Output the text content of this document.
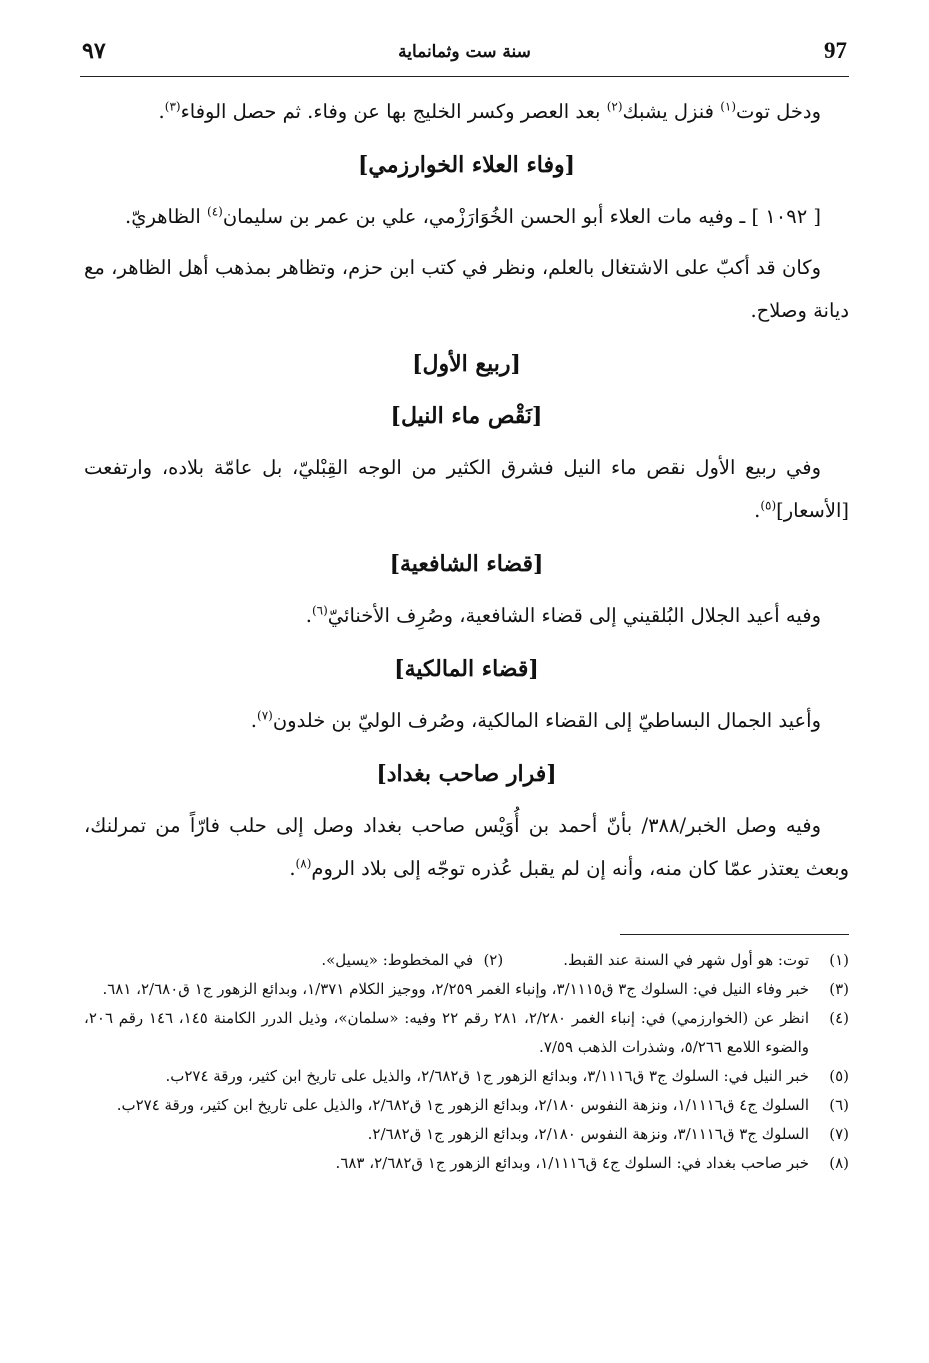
٩٧	سنة ست وثمانماية	97

ودخل توت$^{(١)}$ فنزل يشبك$^{(٢)}$ بعد العصر وكسر الخليج بها عن وفاء. ثم حصل الوفاء$^{(٣)}$.

[وفاء العلاء الخوارزمي]

[ ١٠٩٢ ] ـ وفيه مات العلاء أبو الحسن الخُوَارَزْمي، علي بن عمر بن سليمان$^{(٤)}$ الظاهريّ.

وكان قد أكبّ على الاشتغال بالعلم، ونظر في كتب ابن حزم، وتظاهر بمذهب أهل الظاهر، مع ديانة وصلاح.

[ربيع الأول]
[نَقْص ماء النيل]

وفي ربيع الأول نقص ماء النيل فشرق الكثير من الوجه القِبْليّ، بل عامّة بلاده، وارتفعت [الأسعار]$^{(٥)}$.

[قضاء الشافعية]

وفيه أعيد الجلال البُلقيني إلى قضاء الشافعية، وصُرِف الأخنائيّ$^{(٦)}$.

[قضاء المالكية]

وأعيد الجمال البساطيّ إلى القضاء المالكية، وصُرف الوليّ بن خلدون$^{(٧)}$.

[فرار صاحب بغداد]

وفيه وصل الخبر/٣٨٨/ بأنّ أحمد بن أُوَيْس صاحب بغداد وصل إلى حلب فارّاً من تمرلنك، وبعث يعتذر عمّا كان منه، وأنه إن لم يقبل عُذره توجّه إلى بلاد الروم$^{(٨)}$.

(١)
توت: هو أول شهر في السنة عند القبط.
(٢)
في المخطوط: «يسيل».
(٣)
خبر وفاء النيل في: السلوك ج٣ ق٣/١١١٥، وإنباء الغمر ٢/٢٥٩، ووجيز الكلام ١/٣٧١، وبدائع الزهور ج١ ق٢/٦٨٠، ٦٨١.
(٤)
انظر عن (الخوارزمي) في: إنباء الغمر ٢/٢٨٠، ٢٨١ رقم ٢٢ وفيه: «سلمان»، وذيل الدرر الكامنة ١٤٥، ١٤٦ رقم ٢٠٦، والضوء اللامع ٥/٢٦٦، وشذرات الذهب ٧/٥٩.
(٥)
خبر النيل في: السلوك ج٣ ق٣/١١١٦، وبدائع الزهور ج١ ق٢/٦٨٢، والذيل على تاريخ ابن كثير، ورقة ٢٧٤ب.
(٦)
السلوك ج٤ ق١/١١١٦، ونزهة النفوس ٢/١٨٠، وبدائع الزهور ج١ ق٢/٦٨٢، والذيل على تاريخ ابن كثير، ورقة ٢٧٤ب.
(٧)
السلوك ج٣ ق٣/١١١٦، ونزهة النفوس ٢/١٨٠، وبدائع الزهور ج١ ق٢/٦٨٢.
(٨)
خبر صاحب بغداد في: السلوك ج٤ ق١/١١١٦، وبدائع الزهور ج١ ق٢/٦٨٢، ٦٨٣.
